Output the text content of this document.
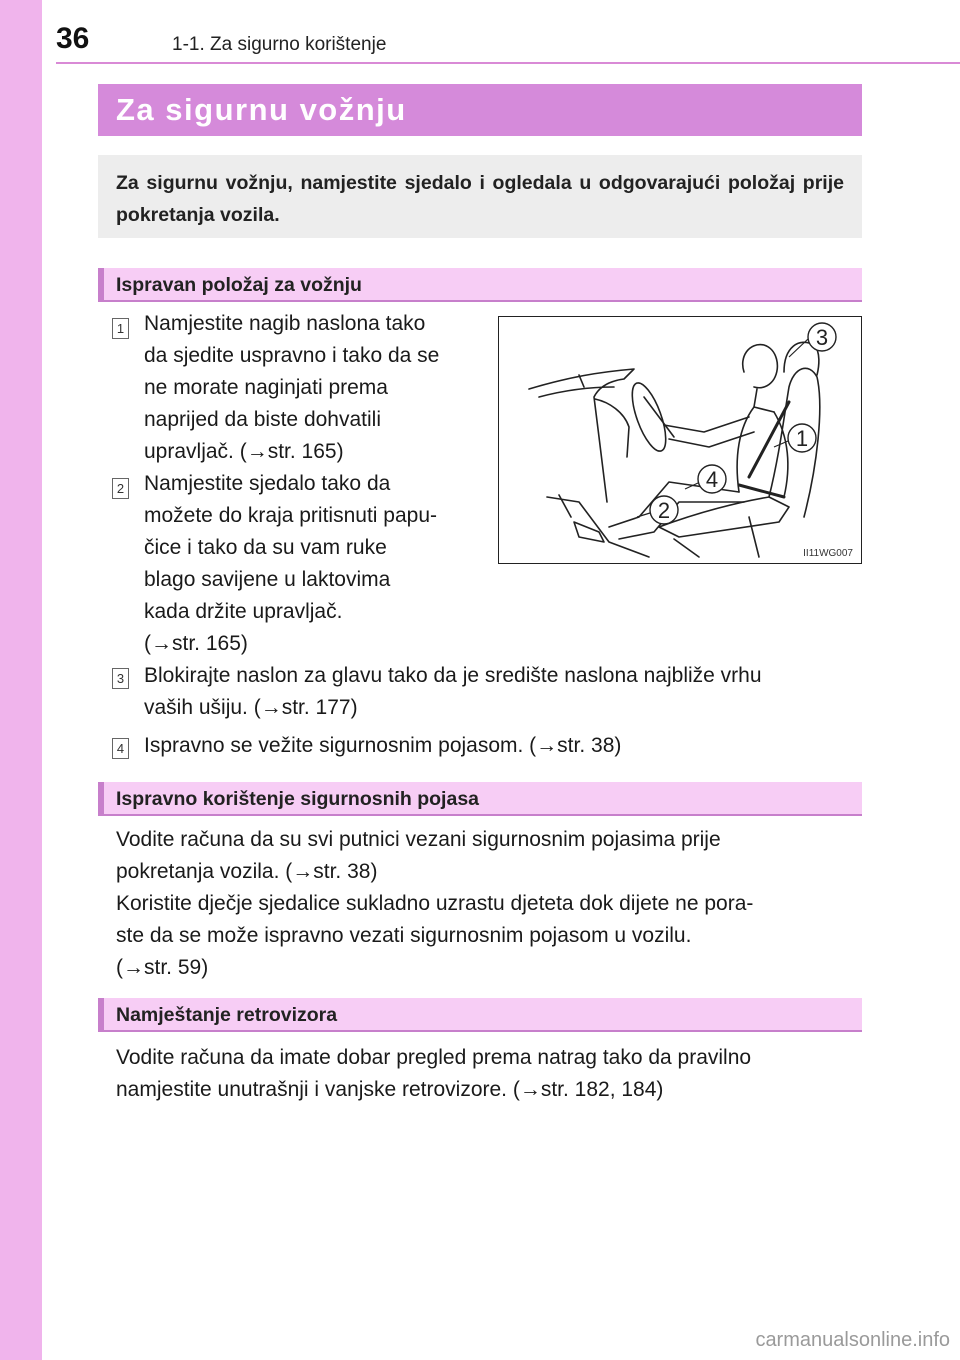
36	1-1. Za sigurno korištenje
Za sigurnu vožnju

Za sigurnu vožnju, namjestite sjedalo i ogledala u odgovarajući položaj prije pokretanja vozila.

Ispravan položaj za vožnju
1 Namjestite nagib naslona tako
da sjedite uspravno i tako da se
ne morate naginjati prema
naprijed da biste dohvatili
upravljač. (→str. 165)
2 Namjestite sjedalo tako da
možete do kraja pritisnuti papu-
čice i tako da su vam ruke
blago savijene u laktovima
kada držite upravljač.
(→str. 165)
3
1
4
2
II11WG007
3 Blokirajte naslon za glavu tako da je središte naslona najbliže vrhu
vaših ušiju. (→str. 177)
4 Ispravno se vežite sigurnosnim pojasom. (→str. 38)
Ispravno korištenje sigurnosnih pojasa
Vodite računa da su svi putnici vezani sigurnosnim pojasima prije
pokretanja vozila. (→str. 38)
Koristite dječje sjedalice sukladno uzrastu djeteta dok dijete ne pora-
ste da se može ispravno vezati sigurnosnim pojasom u vozilu.
(→str. 59)
Namještanje retrovizora
Vodite računa da imate dobar pregled prema natrag tako da pravilno
namjestite unutrašnji i vanjske retrovizore. (→str. 182, 184)
carmanualsonline.info
